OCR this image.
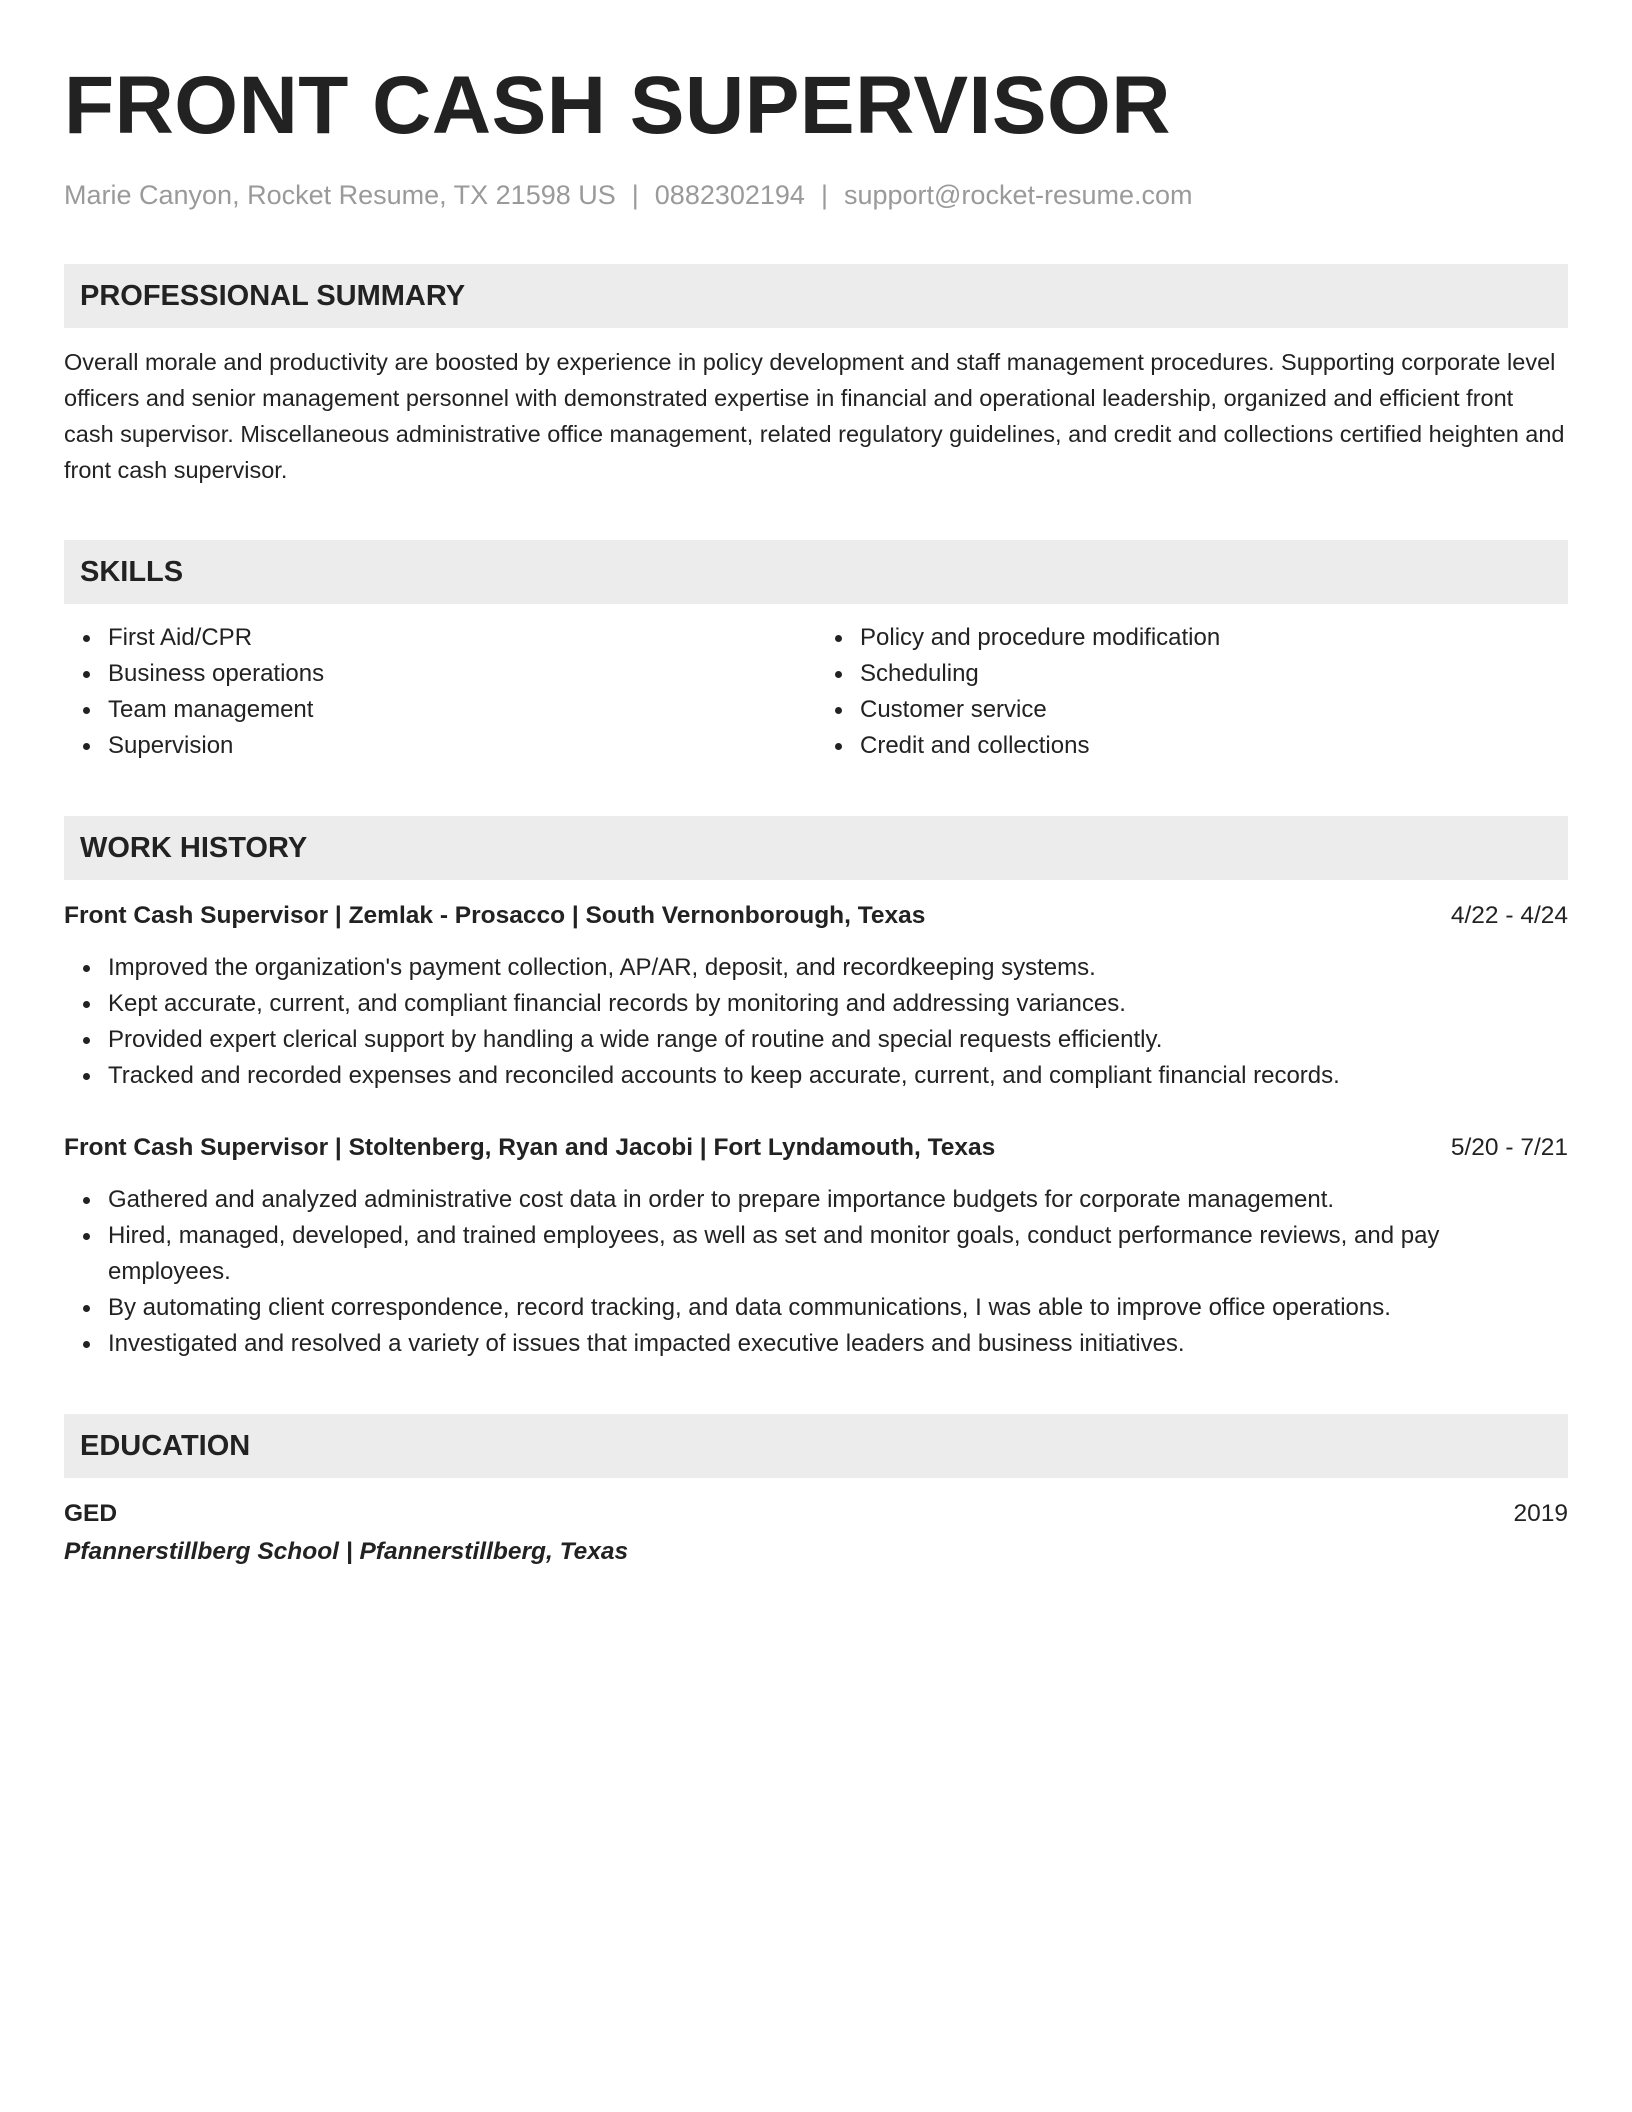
FRONT CASH SUPERVISOR
Marie Canyon, Rocket Resume, TX 21598 US | 0882302194 | support@rocket-resume.com
PROFESSIONAL SUMMARY
Overall morale and productivity are boosted by experience in policy development and staff management procedures. Supporting corporate level officers and senior management personnel with demonstrated expertise in financial and operational leadership, organized and efficient front cash supervisor. Miscellaneous administrative office management, related regulatory guidelines, and credit and collections certified heighten and front cash supervisor.
SKILLS
First Aid/CPR
Business operations
Team management
Supervision
Policy and procedure modification
Scheduling
Customer service
Credit and collections
WORK HISTORY
Front Cash Supervisor | Zemlak - Prosacco | South Vernonborough, Texas	4/22 - 4/24
Improved the organization's payment collection, AP/AR, deposit, and recordkeeping systems.
Kept accurate, current, and compliant financial records by monitoring and addressing variances.
Provided expert clerical support by handling a wide range of routine and special requests efficiently.
Tracked and recorded expenses and reconciled accounts to keep accurate, current, and compliant financial records.
Front Cash Supervisor | Stoltenberg, Ryan and Jacobi | Fort Lyndamouth, Texas	5/20 - 7/21
Gathered and analyzed administrative cost data in order to prepare importance budgets for corporate management.
Hired, managed, developed, and trained employees, as well as set and monitor goals, conduct performance reviews, and pay employees.
By automating client correspondence, record tracking, and data communications, I was able to improve office operations.
Investigated and resolved a variety of issues that impacted executive leaders and business initiatives.
EDUCATION
GED	2019
Pfannerstillberg School | Pfannerstillberg, Texas
